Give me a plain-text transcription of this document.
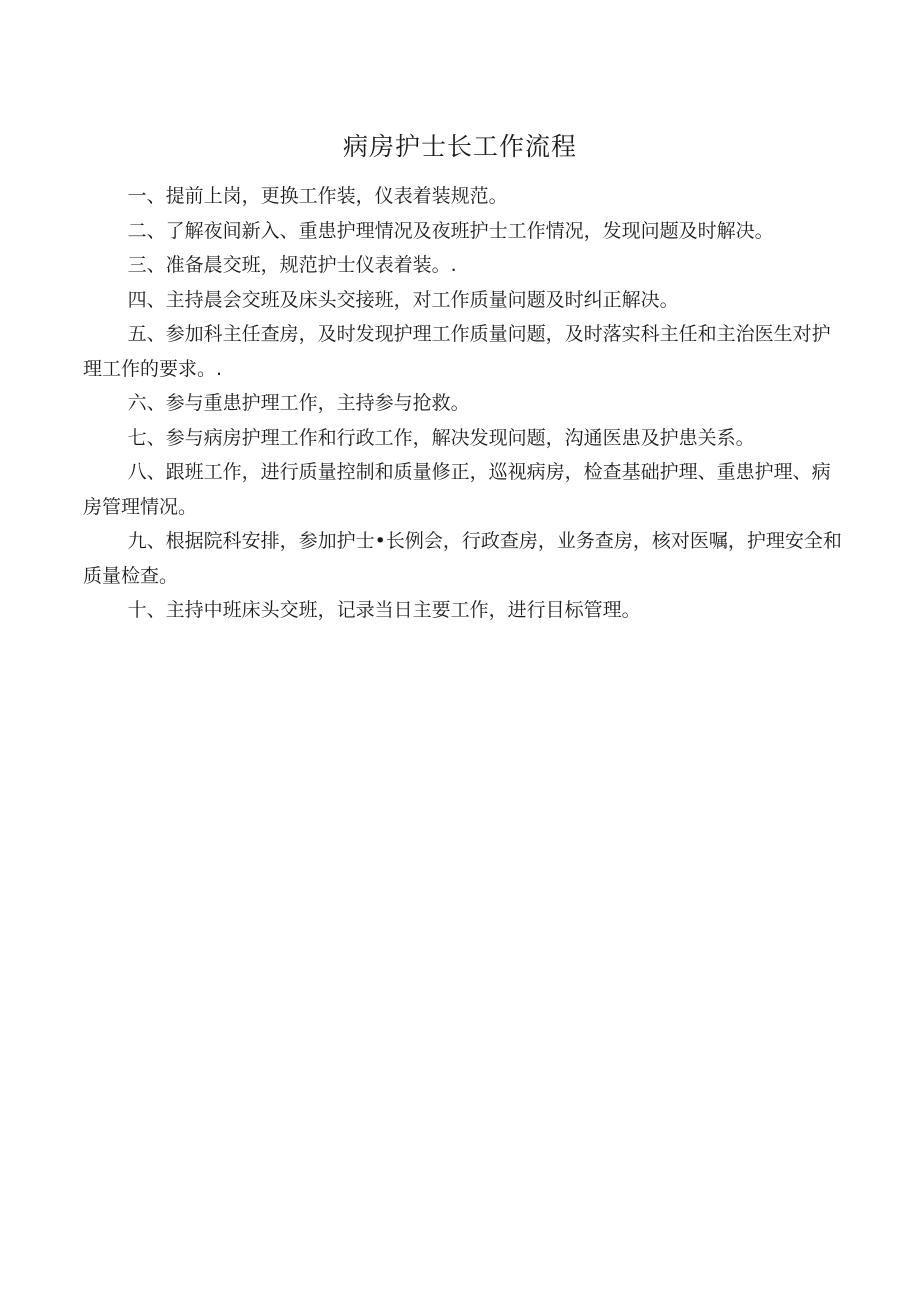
病房护士长工作流程

一、提前上岗，更换工作装，仪表着装规范。

二、了解夜间新入、重患护理情况及夜班护士工作情况，发现问题及时解决。

三、准备晨交班，规范护士仪表着装。.

四、主持晨会交班及床头交接班，对工作质量问题及时纠正解决。

五、参加科主任查房，及时发现护理工作质量问题，及时落实科主任和主治医生对护理工作的要求。.

六、参与重患护理工作，主持参与抢救。

七、参与病房护理工作和行政工作，解决发现问题，沟通医患及护患关系。

八、跟班工作，进行质量控制和质量修正，巡视病房，检查基础护理、重患护理、病房管理情况。

九、根据院科安排，参加护士•长例会，行政查房，业务查房，核对医嘱，护理安全和质量检查。

十、主持中班床头交班，记录当日主要工作，进行目标管理。
